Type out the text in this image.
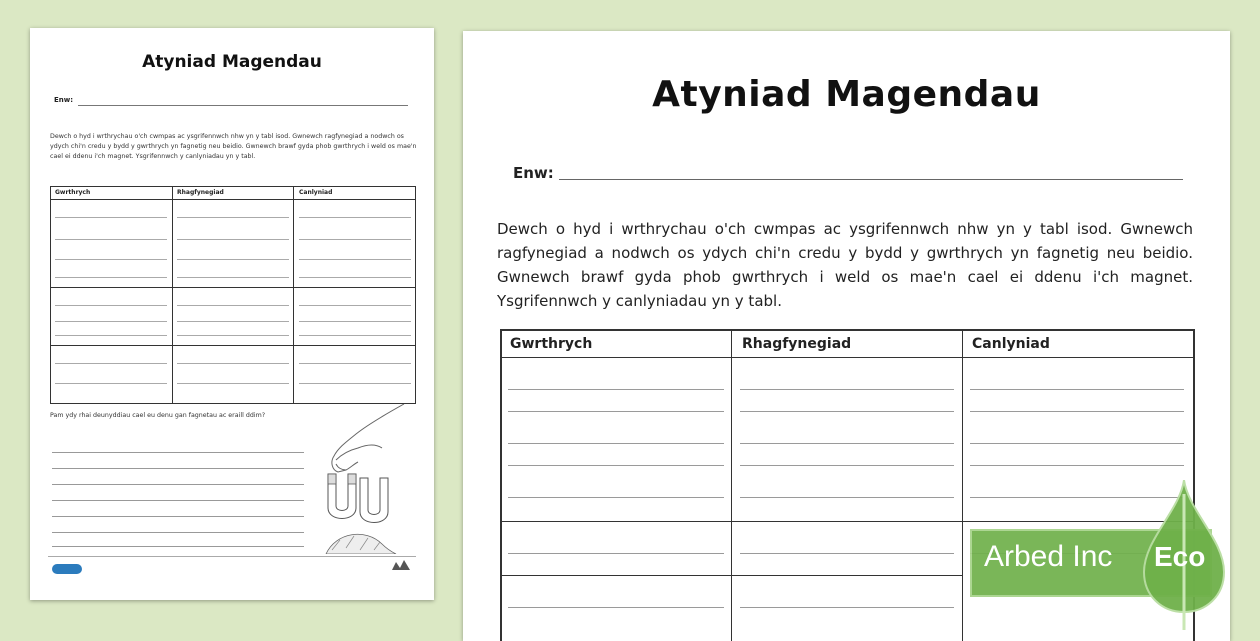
Atyniad Magendau
Enw:
Dewch o hyd i wrthrychau o'ch cwmpas ac ysgrifennwch nhw yn y tabl isod. Gwnewch ragfynegiad a nodwch os ydych chi'n credu y bydd y gwrthrych yn fagnetig neu beidio. Gwnewch brawf gyda phob gwrthrych i weld os mae'n cael ei ddenu i'ch magnet. Ysgrifennwch y canlyniadau yn y tabl.
Gwrthrych	Rhagfynegiad	Canlyniad
Pam ydy rhai deunyddiau cael eu denu gan fagnetau ac eraill ddim?
Atyniad Magendau
Enw:
Dewch o hyd i wrthrychau o'ch cwmpas ac ysgrifennwch nhw yn y tabl isod. Gwnewch ragfynegiad a nodwch os ydych chi'n credu y bydd y gwrthrych yn fagnetig neu beidio. Gwnewch brawf gyda phob gwrthrych i weld os mae'n cael ei ddenu i'ch magnet. Ysgrifennwch y canlyniadau yn y tabl.
Gwrthrych	Rhagfynegiad	Canlyniad
Arbed Inc Eco
